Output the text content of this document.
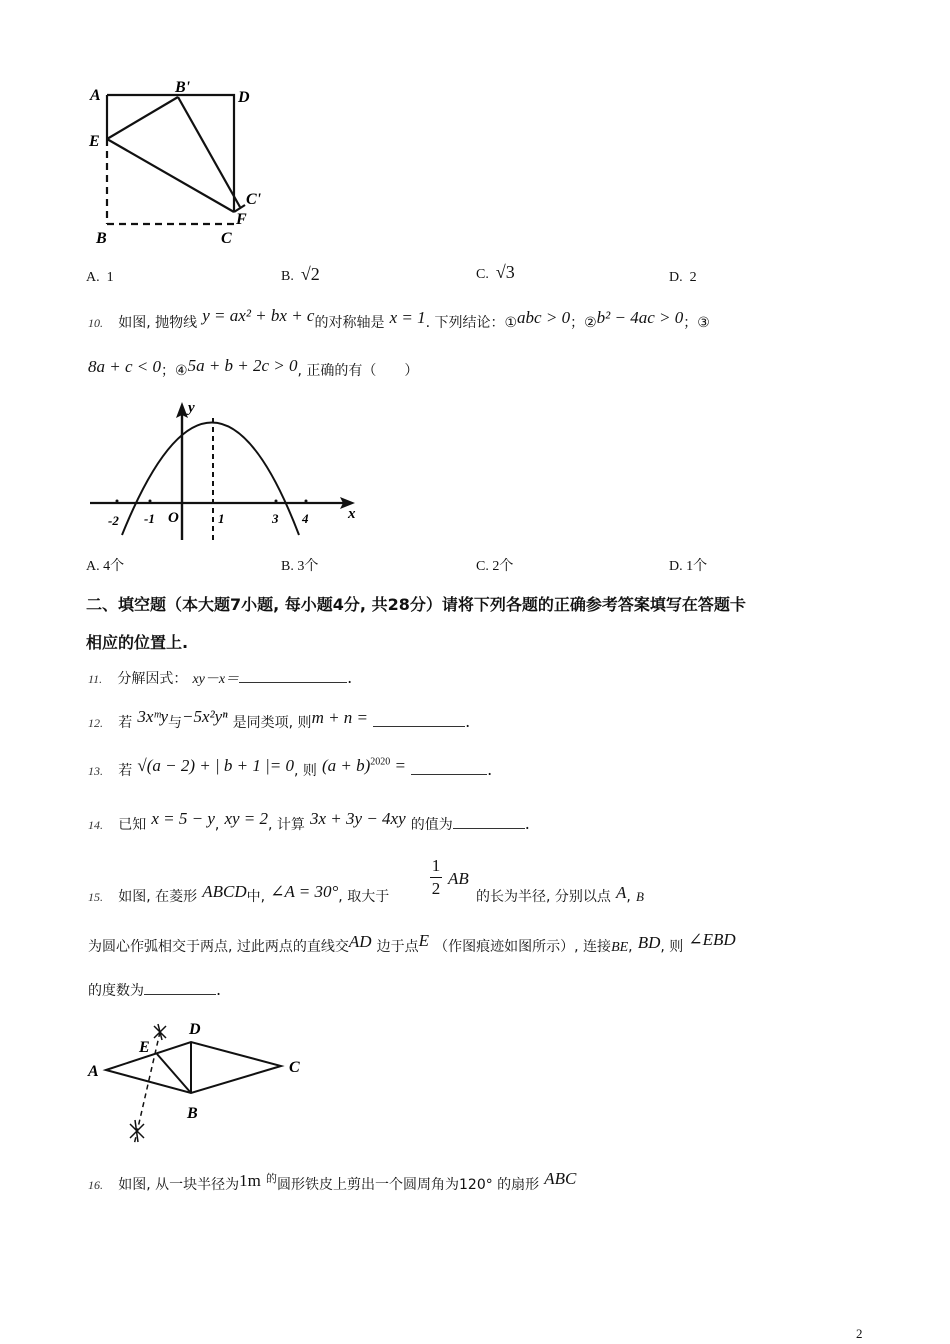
A	B'
D
E
C'
F
B	C
A. 1	B. √2	C. √3	D. 2
10. 如图, 抛物线 y = ax² + bx + c的对称轴是 x = 1. 下列结论：①abc > 0；②b² − 4ac > 0；③
8a + c < 0；④5a + b + 2c > 0, 正确的有（　　）
y
x
O
-2 -1	1	3 4
A. 4个	B. 3个	C. 2个	D. 1个
二、填空题（本大题7小题, 每小题4分, 共28分）请将下列各题的正确参考答案填写在答题卡
相应的位置上.
11. 分解因式： xy－x＝	.
12. 若 3xᵐy与−5x²yⁿ 是同类项, 则m + n =	.
13. 若 √(a − 2) + | b + 1 |= 0, 则 $(a + b)^{2020}$ =	.
14. 已知 x = 5 − y, xy = 2, 计算 3x + 3y − 4xy 的值为	.
15. 如图, 在菱形 ABCD中, ∠A = 30°, 取大于
1
2
AB
的长为半径, 分别以点 A, B
为圆心作弧相交于两点, 过此两点的直线交AD 边于点E （作图痕迹如图所示）, 连接BE, BD, 则 ∠EBD
的度数为	.
A
D
C
B
E
16. 如图, 从一块半径为1m $^的$圆形铁皮上剪出一个圆周角为120° 的扇形 ABC
2
